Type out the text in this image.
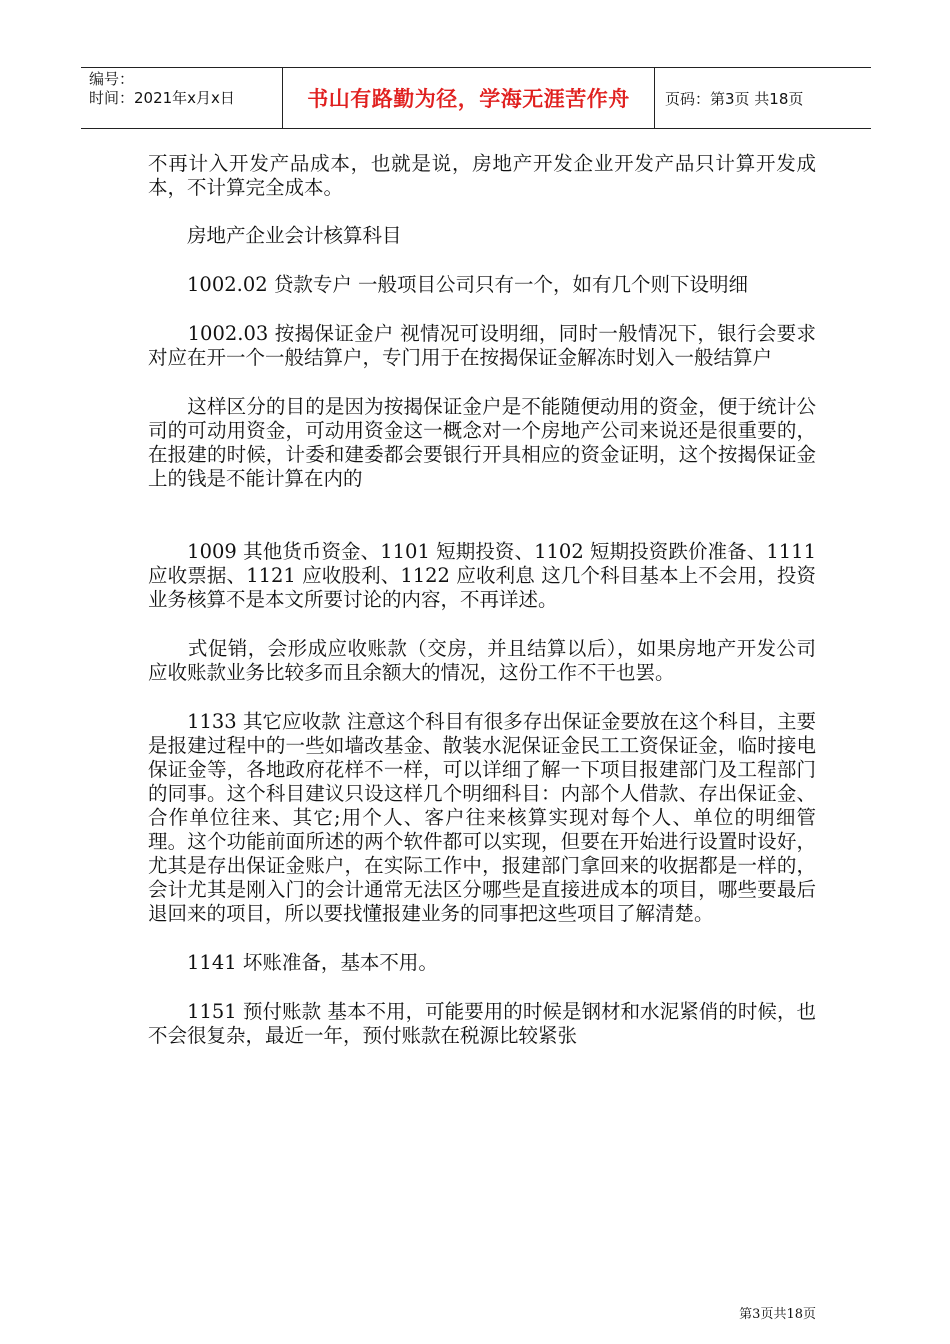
编号：
时间：2021年x月x日	书山有路勤为径，学海无涯苦作舟 页码：第3页 共18页

不再计入开发产品成本，也就是说，房地产开发企业开发产品只计算开发成本，不计算完全成本。

　　房地产企业会计核算科目

　　1002.02 贷款专户 一般项目公司只有一个，如有几个则下设明细

　　1002.03 按揭保证金户 视情况可设明细，同时一般情况下，银行会要求对应在开一个一般结算户，专门用于在按揭保证金解冻时划入一般结算户

　　这样区分的目的是因为按揭保证金户是不能随便动用的资金，便于统计公司的可动用资金，可动用资金这一概念对一个房地产公司来说还是很重要的，在报建的时候，计委和建委都会要银行开具相应的资金证明，这个按揭保证金上的钱是不能计算在内的

　　1009 其他货币资金、1101 短期投资、1102 短期投资跌价准备、1111 应收票据、1121 应收股利、1122 应收利息 这几个科目基本上不会用，投资业务核算不是本文所要讨论的内容，不再详述。

　　式促销，会形成应收账款（交房，并且结算以后），如果房地产开发公司应收账款业务比较多而且余额大的情况，这份工作不干也罢。

　　1133 其它应收款 注意这个科目有很多存出保证金要放在这个科目，主要是报建过程中的一些如墙改基金、散装水泥保证金民工工资保证金，临时接电保证金等，各地政府花样不一样，可以详细了解一下项目报建部门及工程部门的同事。这个科目建议只设这样几个明细科目：内部个人借款、存出保证金、合作单位往来、其它;用个人、客户往来核算实现对每个人、单位的明细管理。这个功能前面所述的两个软件都可以实现，但要在开始进行设置时设好，尤其是存出保证金账户，在实际工作中，报建部门拿回来的收据都是一样的，会计尤其是刚入门的会计通常无法区分哪些是直接进成本的项目，哪些要最后退回来的项目，所以要找懂报建业务的同事把这些项目了解清楚。

　　1141 坏账准备，基本不用。

　　1151 预付账款 基本不用，可能要用的时候是钢材和水泥紧俏的时候，也不会很复杂，最近一年，预付账款在税源比较紧张

第3页共18页
